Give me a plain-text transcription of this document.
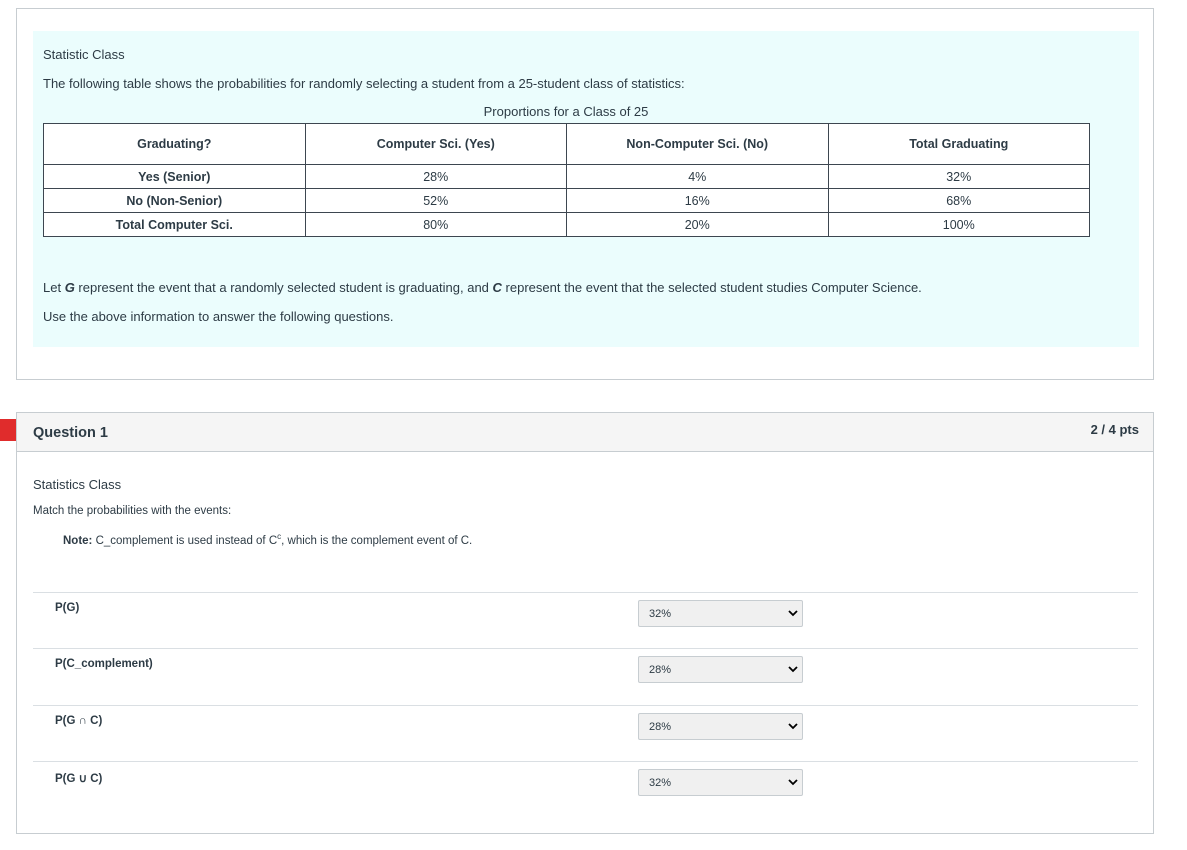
Statistic Class
The following table shows the probabilities for randomly selecting a student from a 25-student class of statistics:
Proportions for a Class of 25
Graduating?	Computer Sci. (Yes)	Non-Computer Sci. (No)	Total Graduating
Yes (Senior)	28%	4%	32%
No (Non-Senior)	52%	16%	68%
Total Computer Sci.	80%	20%	100%
Let G represent the event that a randomly selected student is graduating, and C represent the event that the selected student studies Computer Science.
Use the above information to answer the following questions.
Question 1	2 / 4 pts
Statistics Class
Match the probabilities with the events:
Note: C_complement is used instead of $C^c$, which is the complement event of C.
P(G)	32%
P(C_complement)	28%
P(G ∩ C)	28%
P(G ∪ C)	32%
